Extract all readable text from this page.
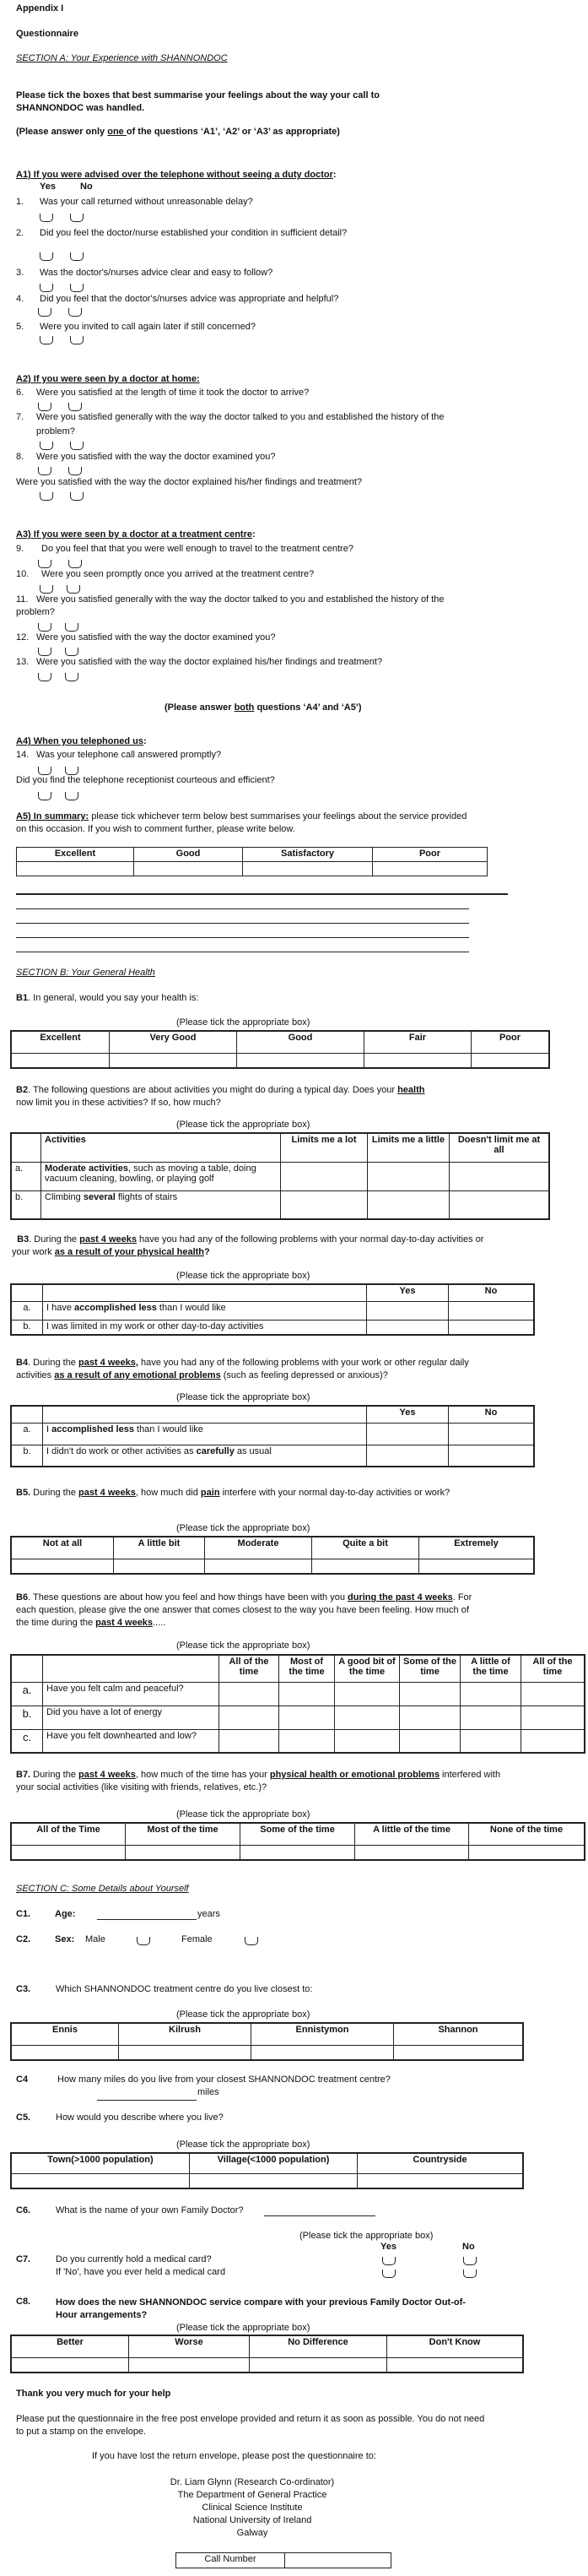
Appendix I
Questionnaire
SECTION A: Your Experience with SHANNONDOC
Please tick the boxes that best summarise your feelings about the way your call to SHANNONDOC was handled.
(Please answer only one of the questions ‘A1’, ‘A2’ or ‘A3’ as appropriate)
A1) If you were advised over the telephone without seeing a duty doctor:
Yes	No
1. Was your call returned without unreasonable delay?
2. Did you feel the doctor/nurse established your condition in sufficient detail?
3. Was the doctor's/nurses advice clear and easy to follow?
4. Did you feel that the doctor's/nurses advice was appropriate and helpful?
5. Were you invited to call again later if still concerned?
A2) If you were seen by a doctor at home:
6. Were you satisfied at the length of time it took the doctor to arrive?
7. Were you satisfied generally with the way the doctor talked to you and established the history of the
problem?
8. Were you satisfied with the way the doctor examined you?
Were you satisfied with the way the doctor explained his/her findings and treatment?
A3) If you were seen by a doctor at a treatment centre:
9. Do you feel that that you were well enough to travel to the treatment centre?
10. Were you seen promptly once you arrived at the treatment centre?
11. Were you satisfied generally with the way the doctor talked to you and established the history of the
problem?
12. Were you satisfied with the way the doctor examined you?
13. Were you satisfied with the way the doctor explained his/her findings and treatment?
(Please answer both questions ‘A4’ and ‘A5’)
A4) When you telephoned us:
14. Was your telephone call answered promptly?
Did you find the telephone receptionist courteous and efficient?
A5) In summary: please tick whichever term below best summarises your feelings about the service provided on this occasion. If you wish to comment further, please write below.
Excellent	Good	Satisfactory	Poor

SECTION B: Your General Health
B1. In general, would you say your health is:
(Please tick the appropriate box)
Excellent	Very Good	Good	Fair	Poor

B2. The following questions are about activities you might do during a typical day. Does your health
now limit you in these activities? If so, how much?
(Please tick the appropriate box)
	Activities	Limits me a lot	Limits me a little	Doesn't limit me at all
a.	Moderate activities, such as moving a table, doing vacuum cleaning, bowling, or playing golf			
b.	Climbing several flights of stairs			
B3. During the past 4 weeks have you had any of the following problems with your normal day-to-day activities or your work as a result of your physical health?
(Please tick the appropriate box)
		Yes	No
a.	I have accomplished less than I would like		
b.	I was limited in my work or other day-to-day activities		
B4. During the past 4 weeks, have you had any of the following problems with your work or other regular daily activities as a result of any emotional problems (such as feeling depressed or anxious)?
(Please tick the appropriate box)
		Yes	No
a.	I accomplished less than I would like		
b.	I didn't do work or other activities as carefully as usual		
B5. During the past 4 weeks, how much did pain interfere with your normal day-to-day activities or work?
(Please tick the appropriate box)
Not at all	A little bit	Moderate	Quite a bit	Extremely

B6. These questions are about how you feel and how things have been with you during the past 4 weeks. For each question, please give the one answer that comes closest to the way you have been feeling. How much of the time during the past 4 weeks.....
(Please tick the appropriate box)
		All of the time	Most of the time	A good bit of the time	Some of the time	A little of the time	All of the time
a.	Have you felt calm and peaceful?						
b.	Did you have a lot of energy						
c.	Have you felt downhearted and low?						
B7. During the past 4 weeks, how much of the time has your physical health or emotional problems interfered with your social activities (like visiting with friends, relatives, etc.)?
(Please tick the appropriate box)
All of the Time	Most of the time	Some of the time	A little of the time	None of the time

SECTION C: Some Details about Yourself
C1.	Age:	years
C2.	Sex: Male	Female
C3.	Which SHANNONDOC treatment centre do you live closest to:
(Please tick the appropriate box)
Ennis	Kilrush	Ennistymon	Shannon

C4	How many miles do you live from your closest SHANNONDOC treatment centre?
miles
C5.	How would you describe where you live?
(Please tick the appropriate box)
Town(>1000 population)	Village(<1000 population)	Countryside

C6.	What is the name of your own Family Doctor?
(Please tick the appropriate box)
Yes	No
C7.	Do you currently hold a medical card?
If 'No', have you ever held a medical card
C8.	How does the new SHANNONDOC service compare with your previous Family Doctor Out-of-Hour arrangements?
(Please tick the appropriate box)
Better	Worse	No Difference	Don't Know

Thank you very much for your help
Please put the questionnaire in the free post envelope provided and return it as soon as possible. You do not need to put a stamp on the envelope.
If you have lost the return envelope, please post the questionnaire to:
Dr. Liam Glynn (Research Co-ordinator)
The Department of General Practice
Clinical Science Institute
National University of Ireland
Galway
Call Number	
